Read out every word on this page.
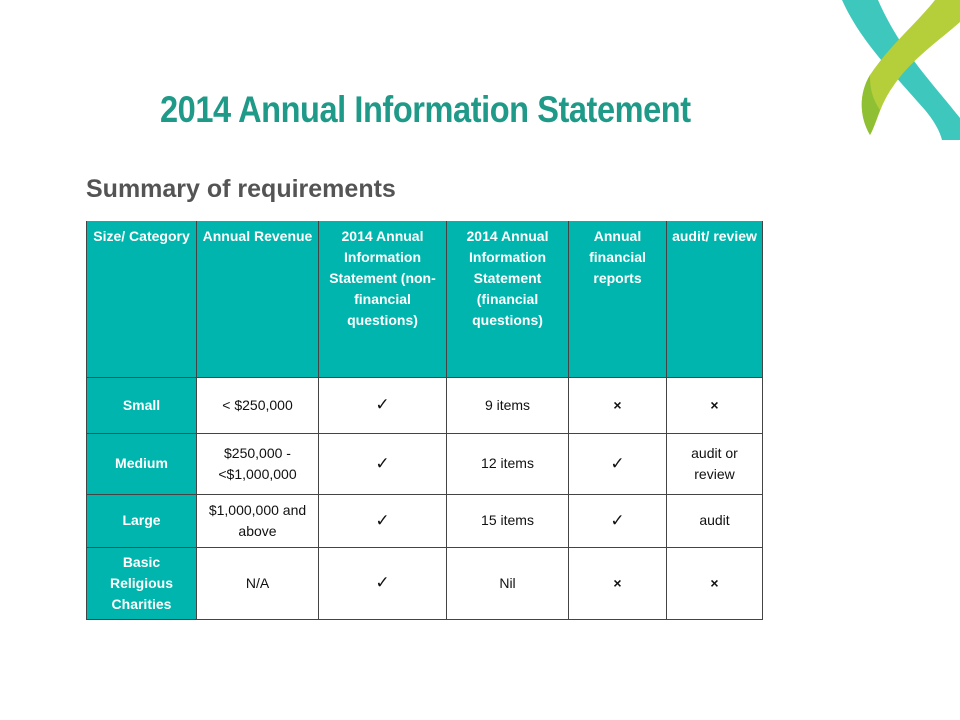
2014 Annual Information Statement
Summary of requirements
Size/ Category	Annual Revenue	2014 Annual Information Statement (non-financial questions)	2014 Annual Information Statement (financial questions)	Annual financial reports	audit/ review
Small	< $250,000	✓	9 items	×	×
Medium	$250,000 - <$1,000,000	✓	12 items	✓	audit or review
Large	$1,000,000 and above	✓	15 items	✓	audit
Basic Religious Charities	N/A	✓	Nil	×	×
